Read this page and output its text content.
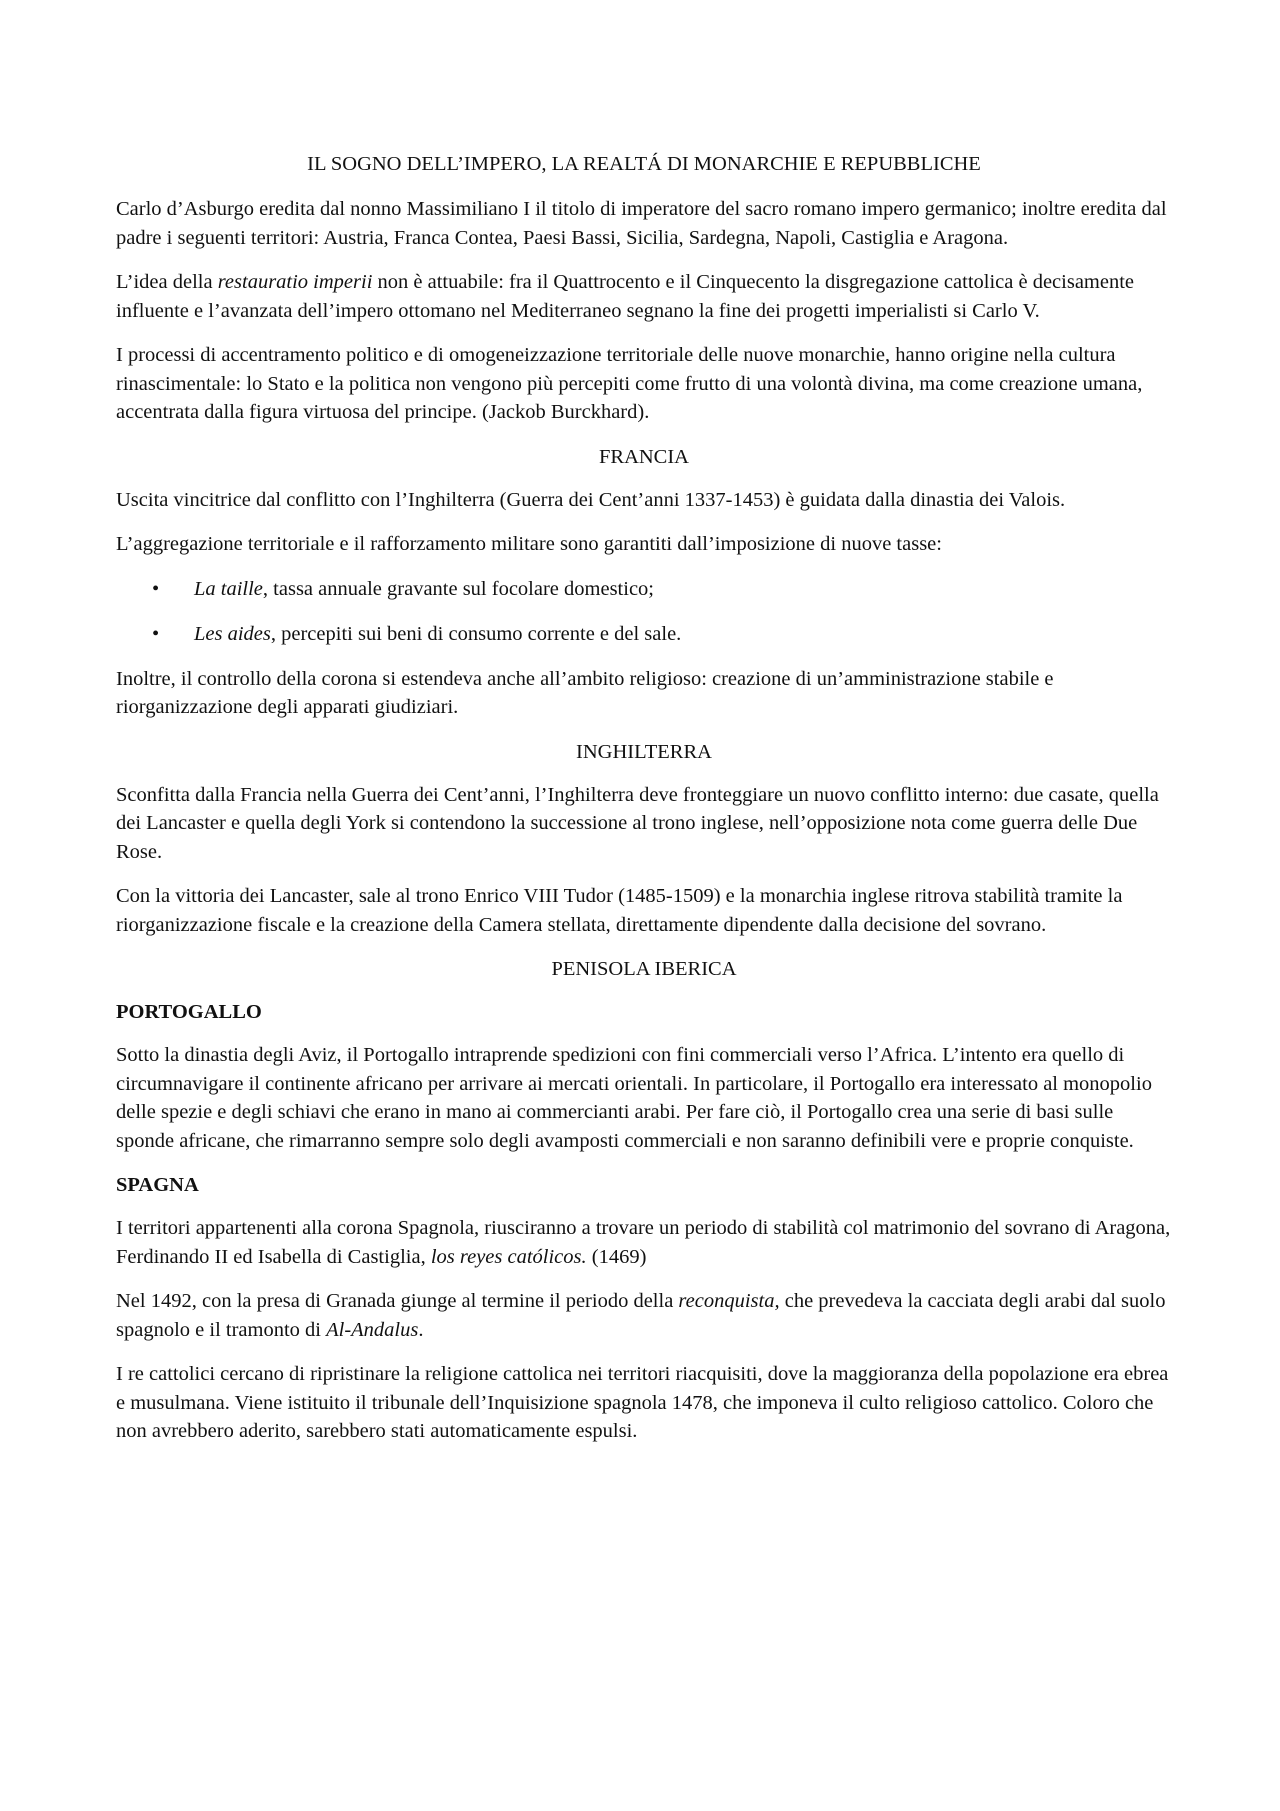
IL SOGNO DELL’IMPERO, LA REALTÁ DI MONARCHIE E REPUBBLICHE

Carlo d’Asburgo eredita dal nonno Massimiliano I il titolo di imperatore del sacro romano impero germanico; inoltre eredita dal padre i seguenti territori: Austria, Franca Contea, Paesi Bassi, Sicilia, Sardegna, Napoli, Castiglia e Aragona.

L’idea della restauratio imperii non è attuabile: fra il Quattrocento e il Cinquecento la disgregazione cattolica è decisamente influente e l’avanzata dell’impero ottomano nel Mediterraneo segnano la fine dei progetti imperialisti si Carlo V.

I processi di accentramento politico e di omogeneizzazione territoriale delle nuove monarchie, hanno origine nella cultura rinascimentale: lo Stato e la politica non vengono più percepiti come frutto di una volontà divina, ma come creazione umana, accentrata dalla figura virtuosa del principe. (Jackob Burckhard).

FRANCIA

Uscita vincitrice dal conflitto con l’Inghilterra (Guerra dei Cent’anni 1337-1453) è guidata dalla dinastia dei Valois.

L’aggregazione territoriale e il rafforzamento militare sono garantiti dall’imposizione di nuove tasse:

• La taille, tassa annuale gravante sul focolare domestico;
• Les aides, percepiti sui beni di consumo corrente e del sale.

Inoltre, il controllo della corona si estendeva anche all’ambito religioso: creazione di un’amministrazione stabile e riorganizzazione degli apparati giudiziari.

INGHILTERRA

Sconfitta dalla Francia nella Guerra dei Cent’anni, l’Inghilterra deve fronteggiare un nuovo conflitto interno: due casate, quella dei Lancaster e quella degli York si contendono la successione al trono inglese, nell’opposizione nota come guerra delle Due Rose.

Con la vittoria dei Lancaster, sale al trono Enrico VIII Tudor (1485-1509) e la monarchia inglese ritrova stabilità tramite la riorganizzazione fiscale e la creazione della Camera stellata, direttamente dipendente dalla decisione del sovrano.

PENISOLA IBERICA
PORTOGALLO

Sotto la dinastia degli Aviz, il Portogallo intraprende spedizioni con fini commerciali verso l’Africa. L’intento era quello di circumnavigare il continente africano per arrivare ai mercati orientali. In particolare, il Portogallo era interessato al monopolio delle spezie e degli schiavi che erano in mano ai commercianti arabi. Per fare ciò, il Portogallo crea una serie di basi sulle sponde africane, che rimarranno sempre solo degli avamposti commerciali e non saranno definibili vere e proprie conquiste.

SPAGNA

I territori appartenenti alla corona Spagnola, riusciranno a trovare un periodo di stabilità col matrimonio del sovrano di Aragona, Ferdinando II ed Isabella di Castiglia, los reyes católicos. (1469)

Nel 1492, con la presa di Granada giunge al termine il periodo della reconquista, che prevedeva la cacciata degli arabi dal suolo spagnolo e il tramonto di Al-Andalus.

I re cattolici cercano di ripristinare la religione cattolica nei territori riacquisiti, dove la maggioranza della popolazione era ebrea e musulmana. Viene istituito il tribunale dell’Inquisizione spagnola 1478, che imponeva il culto religioso cattolico. Coloro che non avrebbero aderito, sarebbero stati automaticamente espulsi.
